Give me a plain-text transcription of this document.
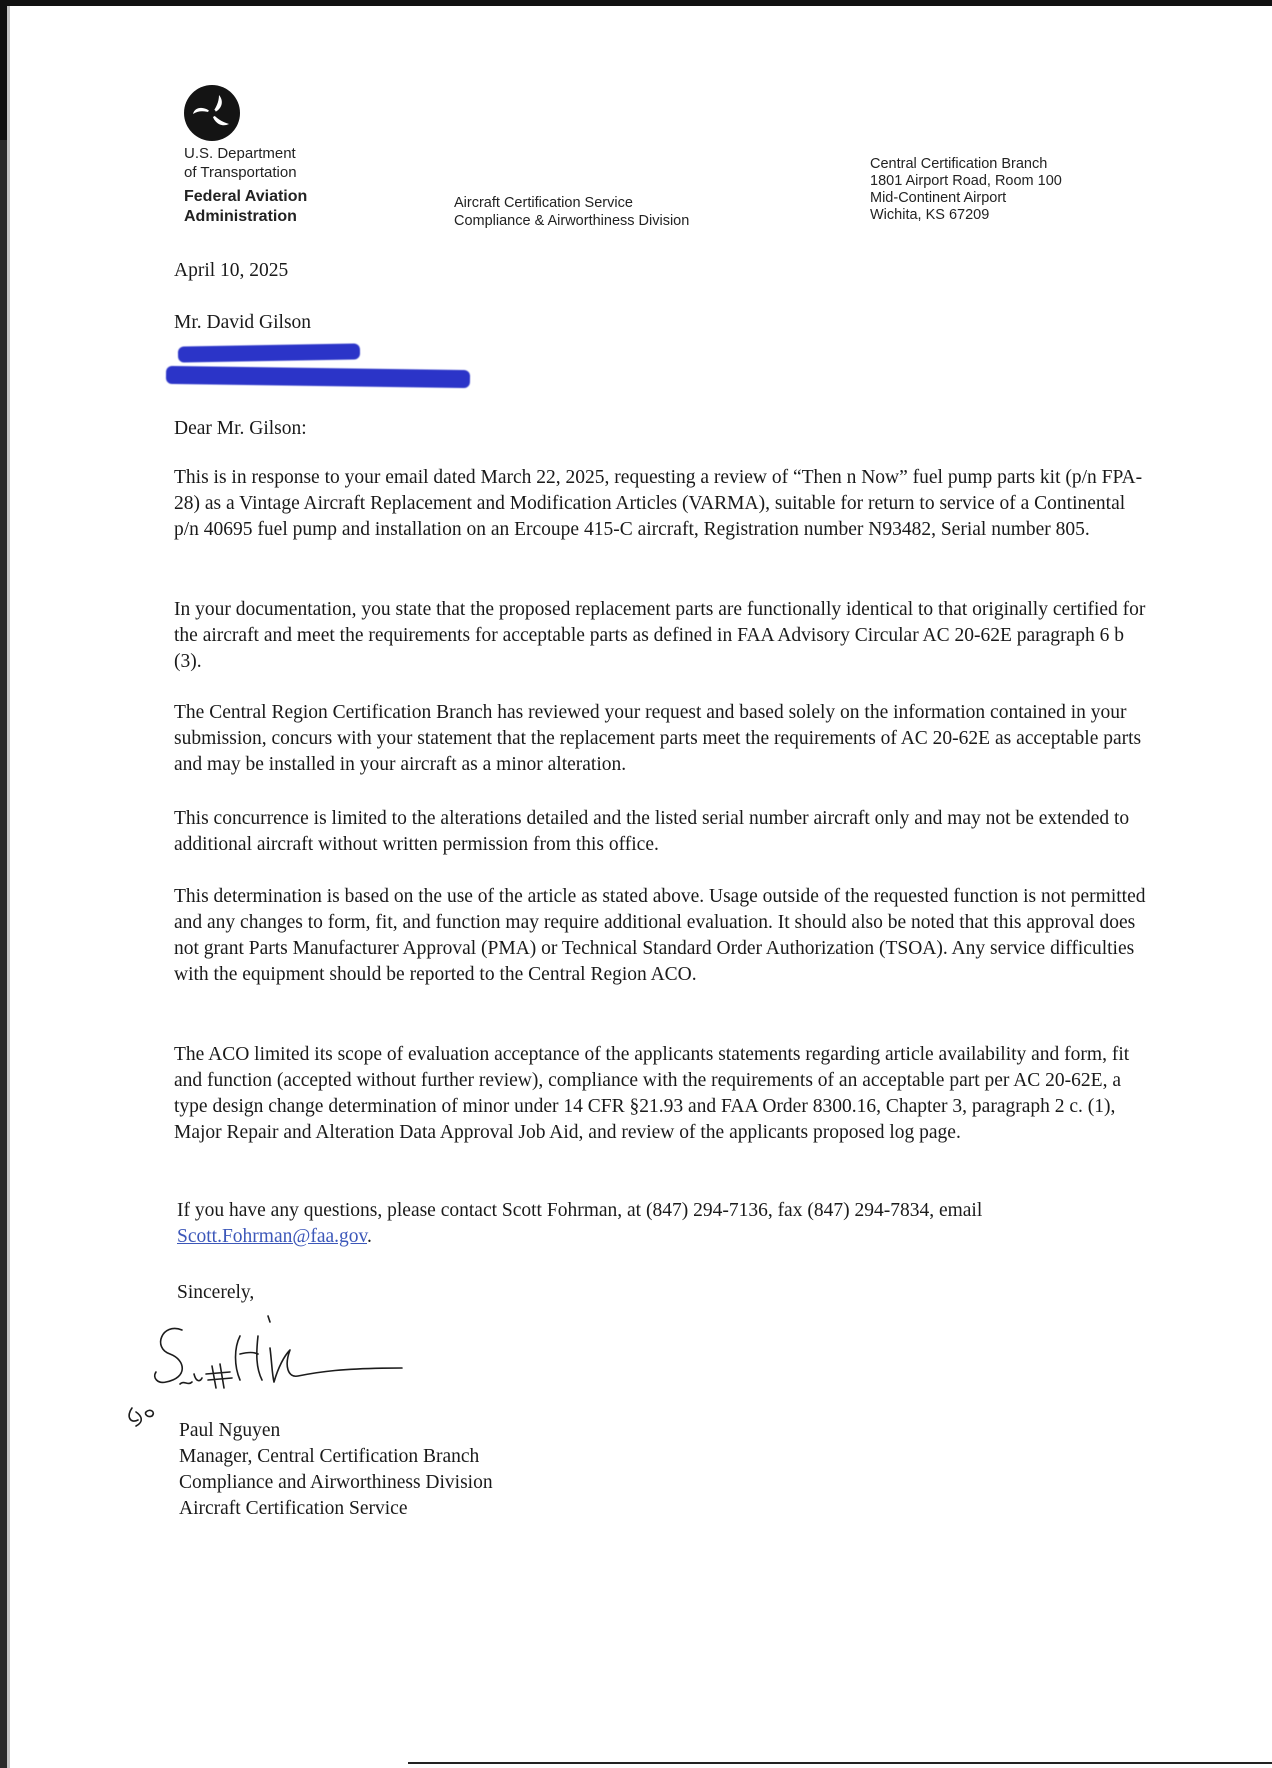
U.S. Department
of Transportation
Federal Aviation
Administration
Aircraft Certification Service
Compliance & Airworthiness Division
Central Certification Branch
1801 Airport Road, Room 100
Mid-Continent Airport
Wichita, KS 67209
April 10, 2025
Mr. David Gilson
Dear Mr. Gilson:

This is in response to your email dated March 22, 2025, requesting a review of “Then n Now” fuel pump parts kit (p/n FPA-28) as a Vintage Aircraft Replacement and Modification Articles (VARMA), suitable for return to service of a Continental p/n 40695 fuel pump and installation on an Ercoupe 415-C aircraft, Registration number N93482, Serial number 805.

In your documentation, you state that the proposed replacement parts are functionally identical to that originally certified for the aircraft and meet the requirements for acceptable parts as defined in FAA Advisory Circular AC 20-62E paragraph 6 b (3).

The Central Region Certification Branch has reviewed your request and based solely on the information contained in your submission, concurs with your statement that the replacement parts meet the requirements of AC 20-62E as acceptable parts and may be installed in your aircraft as a minor alteration.

This concurrence is limited to the alterations detailed and the listed serial number aircraft only and may not be extended to additional aircraft without written permission from this office.

This determination is based on the use of the article as stated above. Usage outside of the requested function is not permitted and any changes to form, fit, and function may require additional evaluation. It should also be noted that this approval does not grant Parts Manufacturer Approval (PMA) or Technical Standard Order Authorization (TSOA). Any service difficulties with the equipment should be reported to the Central Region ACO.

The ACO limited its scope of evaluation acceptance of the applicants statements regarding article availability and form, fit and function (accepted without further review), compliance with the requirements of an acceptable part per AC 20-62E, a type design change determination of minor under 14 CFR §21.93 and FAA Order 8300.16, Chapter 3, paragraph 2 c. (1), Major Repair and Alteration Data Approval Job Aid, and review of the applicants proposed log page.

If you have any questions, please contact Scott Fohrman, at (847) 294-7136, fax (847) 294-7834, email Scott.Fohrman@faa.gov.

Sincerely,
Paul Nguyen
Manager, Central Certification Branch
Compliance and Airworthiness Division
Aircraft Certification Service
